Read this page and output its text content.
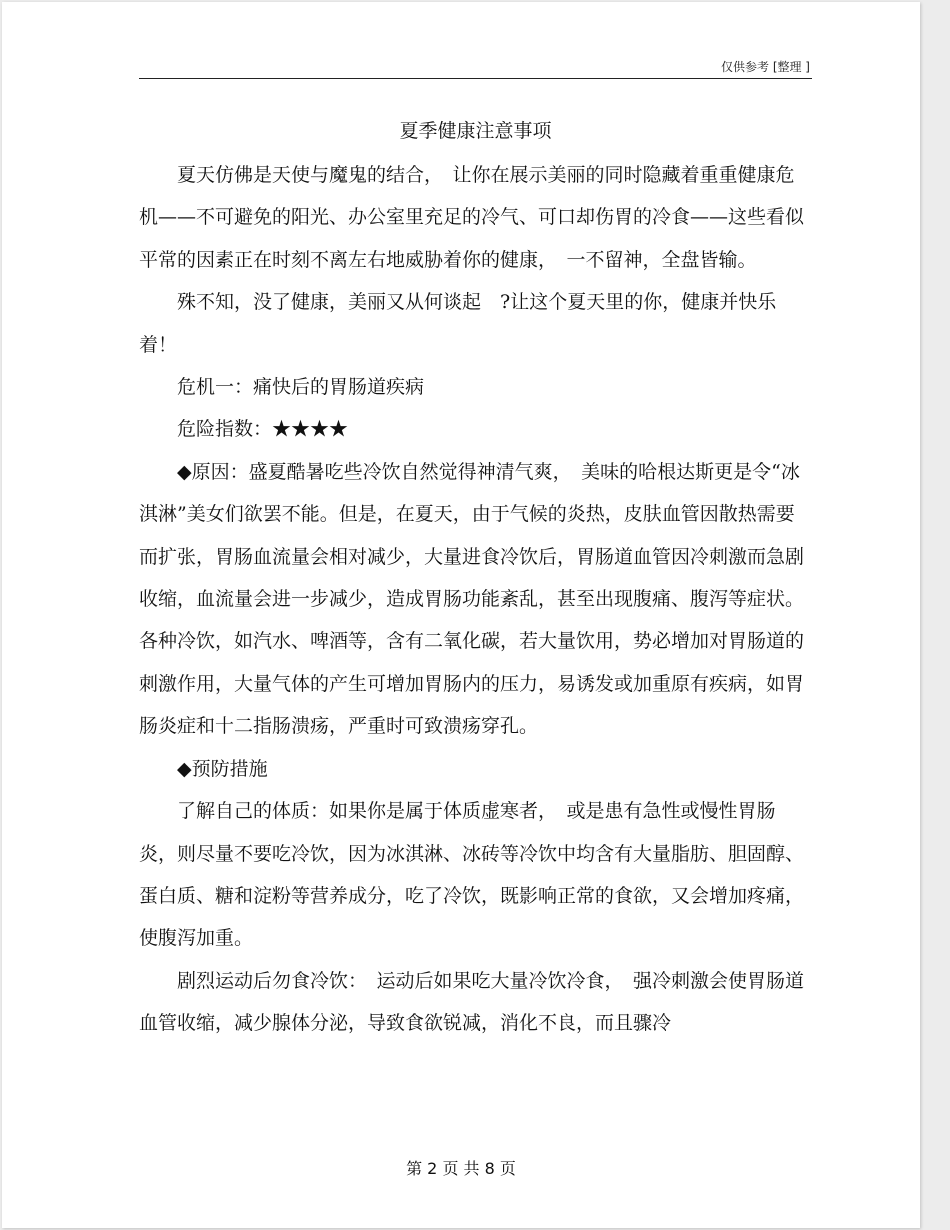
仅供参考 [整理 ]
夏季健康注意事项

夏天仿佛是天使与魔鬼的结合，　让你在展示美丽的同时隐藏着重重健康危机——不可避免的阳光、办公室里充足的冷气、可口却伤胃的冷食——这些看似平常的因素正在时刻不离左右地威胁着你的健康，　一不留神，全盘皆输。

殊不知，没了健康，美丽又从何谈起　?让这个夏天里的你，健康并快乐着！

危机一：痛快后的胃肠道疾病

危险指数：★★★★

◆原因：盛夏酷暑吃些冷饮自然觉得神清气爽，　美味的哈根达斯更是令“冰淇淋”美女们欲罢不能。但是，在夏天，由于气候的炎热，皮肤血管因散热需要而扩张，胃肠血流量会相对减少，大量进食冷饮后，胃肠道血管因冷刺激而急剧收缩，血流量会进一步减少，造成胃肠功能紊乱，甚至出现腹痛、腹泻等症状。各种冷饮，如汽水、啤酒等，含有二氧化碳，若大量饮用，势必增加对胃肠道的刺激作用，大量气体的产生可增加胃肠内的压力，易诱发或加重原有疾病，如胃肠炎症和十二指肠溃疡，严重时可致溃疡穿孔。

◆预防措施

了解自己的体质：如果你是属于体质虚寒者，　或是患有急性或慢性胃肠炎，则尽量不要吃冷饮，因为冰淇淋、冰砖等冷饮中均含有大量脂肪、胆固醇、蛋白质、糖和淀粉等营养成分，吃了冷饮，既影响正常的食欲，又会增加疼痛，使腹泻加重。

剧烈运动后勿食冷饮：　运动后如果吃大量冷饮冷食，　强冷刺激会使胃肠道血管收缩，减少腺体分泌，导致食欲锐减，消化不良，而且骤冷

第 2 页 共 8 页
